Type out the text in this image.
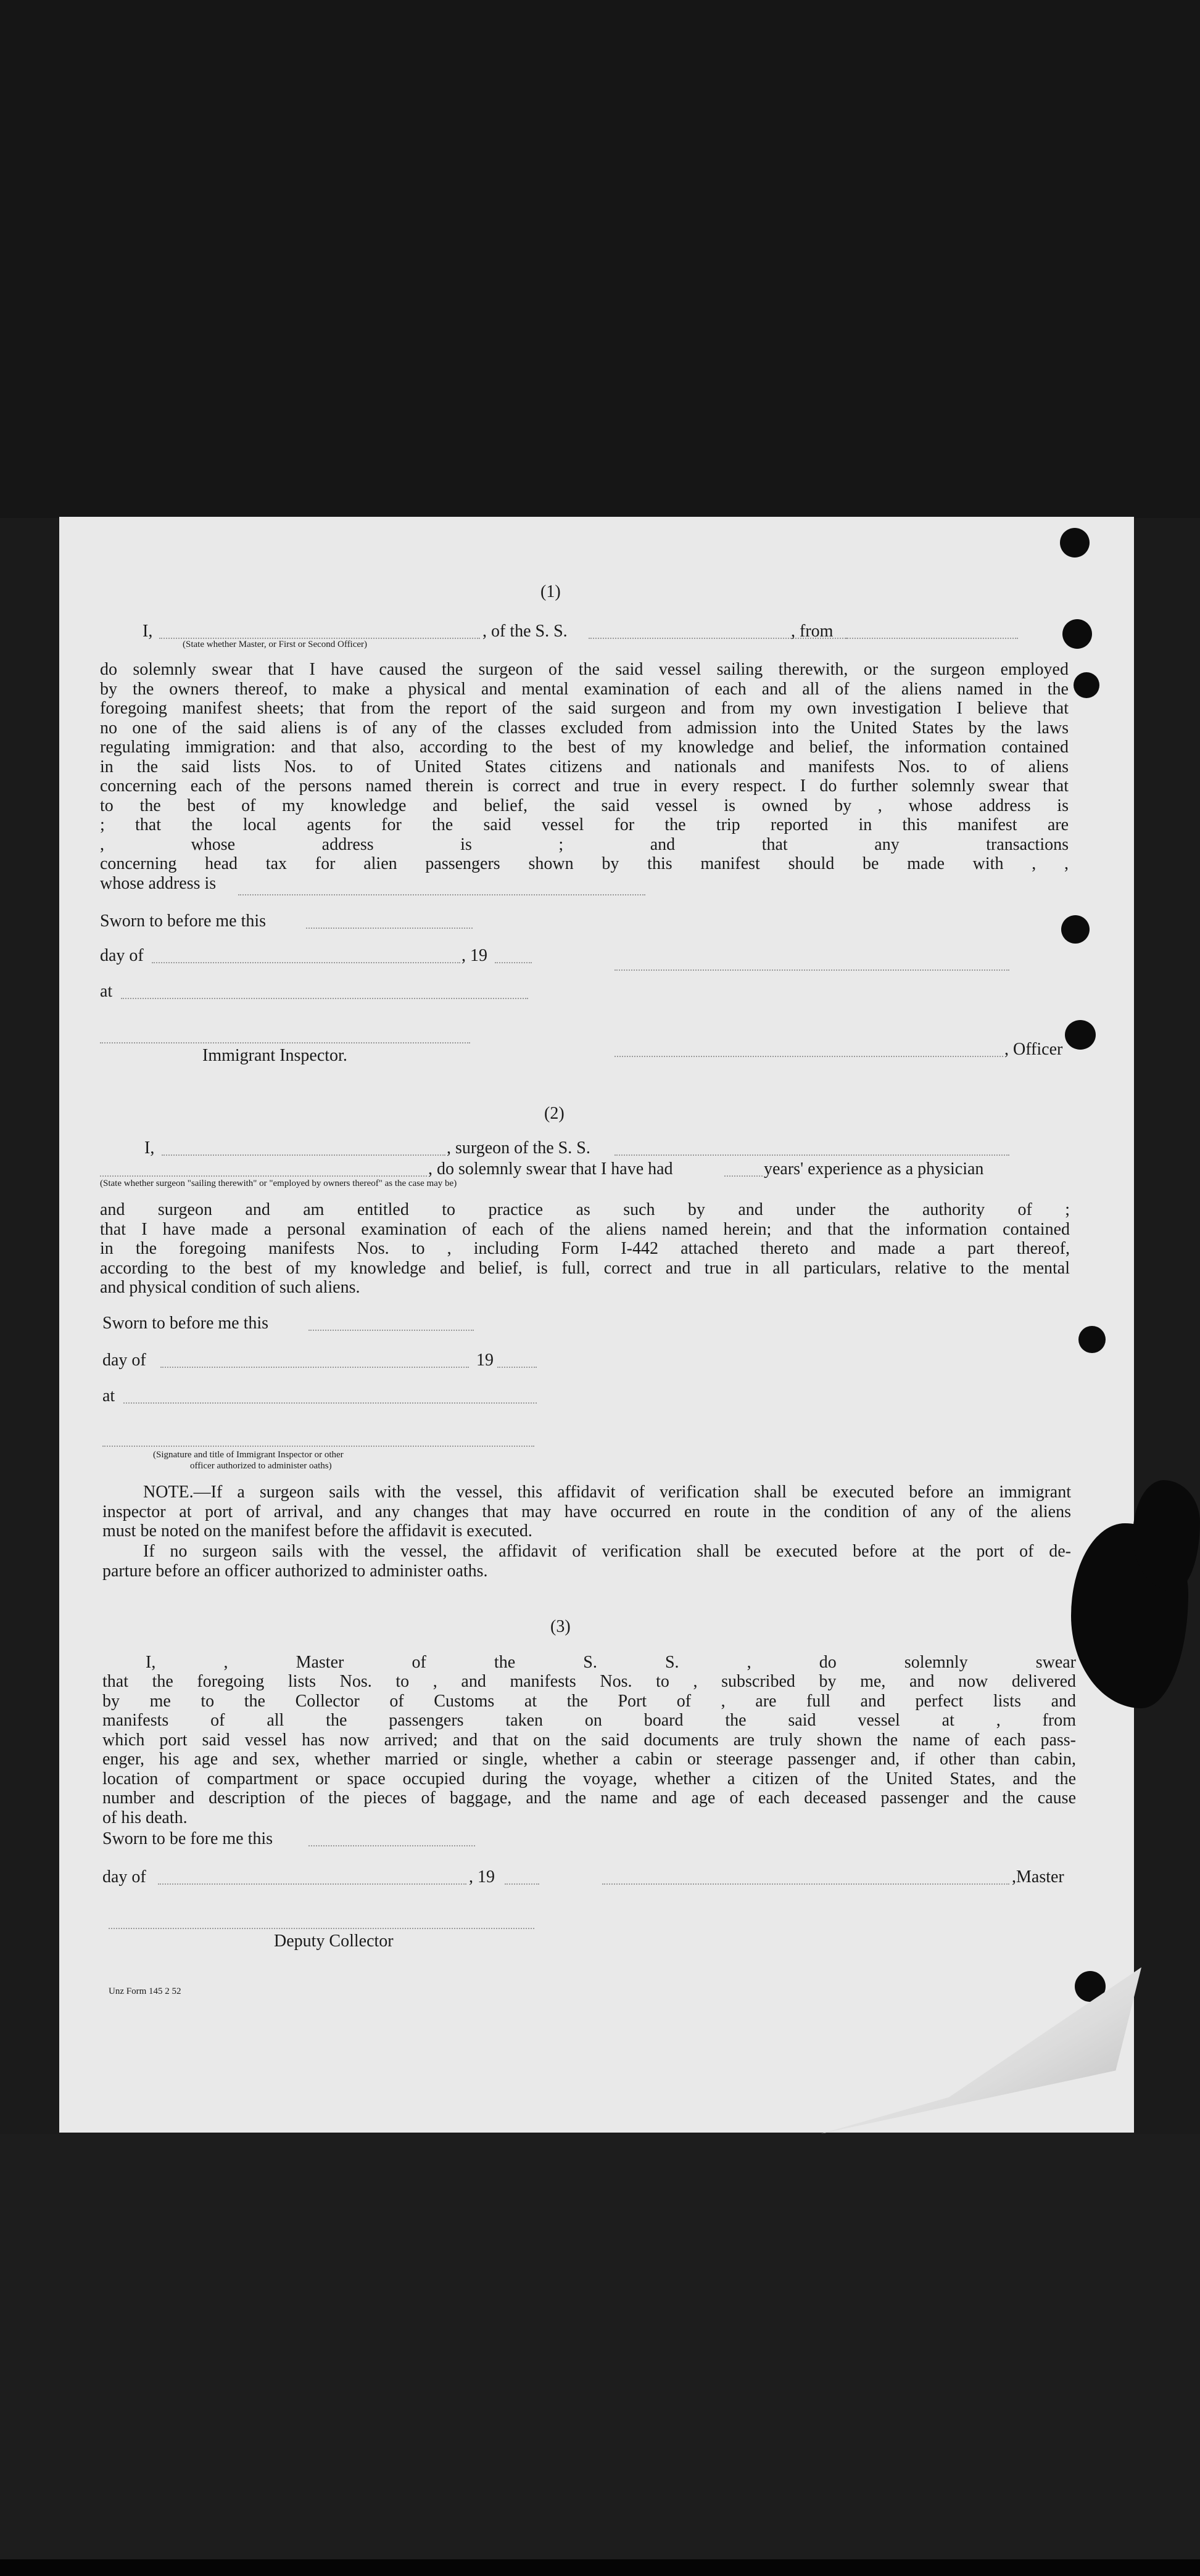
(1)
I,	, of the S. S.	, from
(State whether Master, or First or Second Officer)
do solemnly swear that I have caused the surgeon of the said vessel sailing therewith, or the surgeon employed
by the owners thereof, to make a physical and mental examination of each and all of the aliens named in the
foregoing manifest sheets; that from the report of the said surgeon and from my own investigation I believe that
no one of the said aliens is of any of the classes excluded from admission into the United States by the laws
regulating immigration: and that also, according to the best of my knowledge and belief, the information contained
in the said lists Nos. to of United States citizens and nationals and manifests Nos. to of aliens
concerning each of the persons named therein is correct and true in every respect. I do further solemnly swear that
to the best of my knowledge and belief, the said vessel is owned by , whose address is
; that the local agents for the said vessel for the trip reported in this manifest are
, whose address is ; and that any transactions
concerning head tax for alien passengers shown by this manifest should be made with , ,
whose address is
Sworn to before me this
day of	, 19
at
Immigrant Inspector.	, Officer
(2)
I,	, surgeon of the S. S.
, do solemnly swear that I have had	years' experience as a physician
(State whether surgeon "sailing therewith" or "employed by owners thereof" as the case may be)
and surgeon and am entitled to practice as such by and under the authority of ;
that I have made a personal examination of each of the aliens named herein; and that the information contained
in the foregoing manifests Nos. to , including Form I-442 attached thereto and made a part thereof,
according to the best of my knowledge and belief, is full, correct and true in all particulars, relative to the mental
and physical condition of such aliens.
Sworn to before me this
day of	19
at
(Signature and title of Immigrant Inspector or other
officer authorized to administer oaths)
NOTE.—If a surgeon sails with the vessel, this affidavit of verification shall be executed before an immigrant
inspector at port of arrival, and any changes that may have occurred en route in the condition of any of the aliens
must be noted on the manifest before the affidavit is executed.
If no surgeon sails with the vessel, the affidavit of verification shall be executed before at the port of de-
parture before an officer authorized to administer oaths.
(3)
I, , Master of the S. S. , do solemnly swear
that the foregoing lists Nos. to , and manifests Nos. to , subscribed by me, and now delivered
by me to the Collector of Customs at the Port of , are full and perfect lists and
manifests of all the passengers taken on board the said vessel at , from
which port said vessel has now arrived; and that on the said documents are truly shown the name of each pass-
enger, his age and sex, whether married or single, whether a cabin or steerage passenger and, if other than cabin,
location of compartment or space occupied during the voyage, whether a citizen of the United States, and the
number and description of the pieces of baggage, and the name and age of each deceased passenger and the cause
of his death.
Sworn to be fore me this
day of	, 19	,Master
Deputy Collector
Unz Form 145 2 52
